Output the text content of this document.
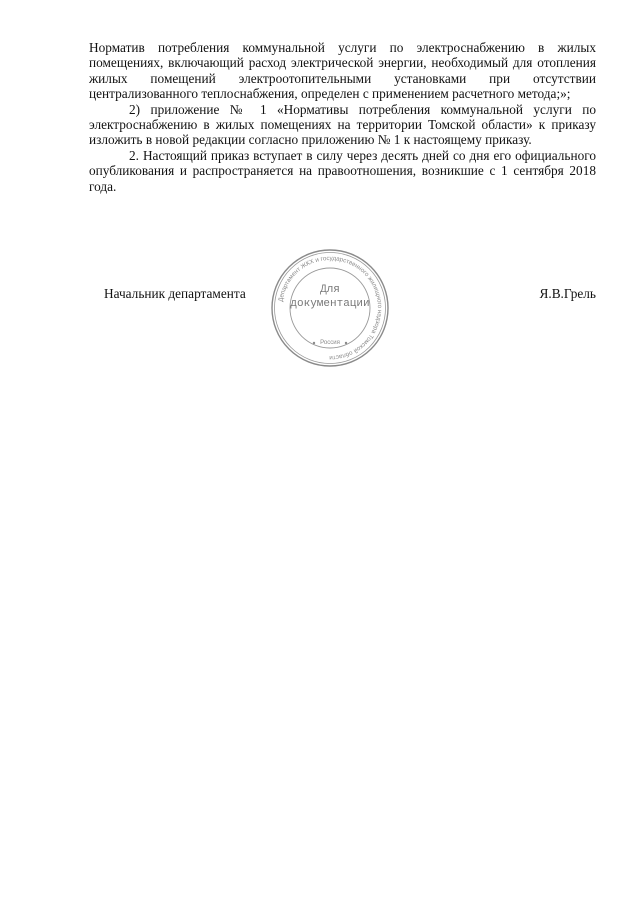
Норматив потребления коммунальной услуги по электроснабжению в жилых помещениях, включающий расход электрической энергии, необходимый для отопления жилых помещений электроотопительными установками при отсутствии централизованного теплоснабжения, определен с применением расчетного метода;»;

2) приложение № 1 «Нормативы потребления коммунальной услуги по электроснабжению в жилых помещениях на территории Томской области» к приказу изложить в новой редакции согласно приложению № 1 к настоящему приказу.

2. Настоящий приказ вступает в силу через десять дней со дня его официального опубликования и распространяется на правоотношения, возникшие с 1 сентября 2018 года.

Начальник департамента	Я.В.Грель
Департамент ЖКХ и государственного жилищного надзора Томской области
Россия
Для
документации
